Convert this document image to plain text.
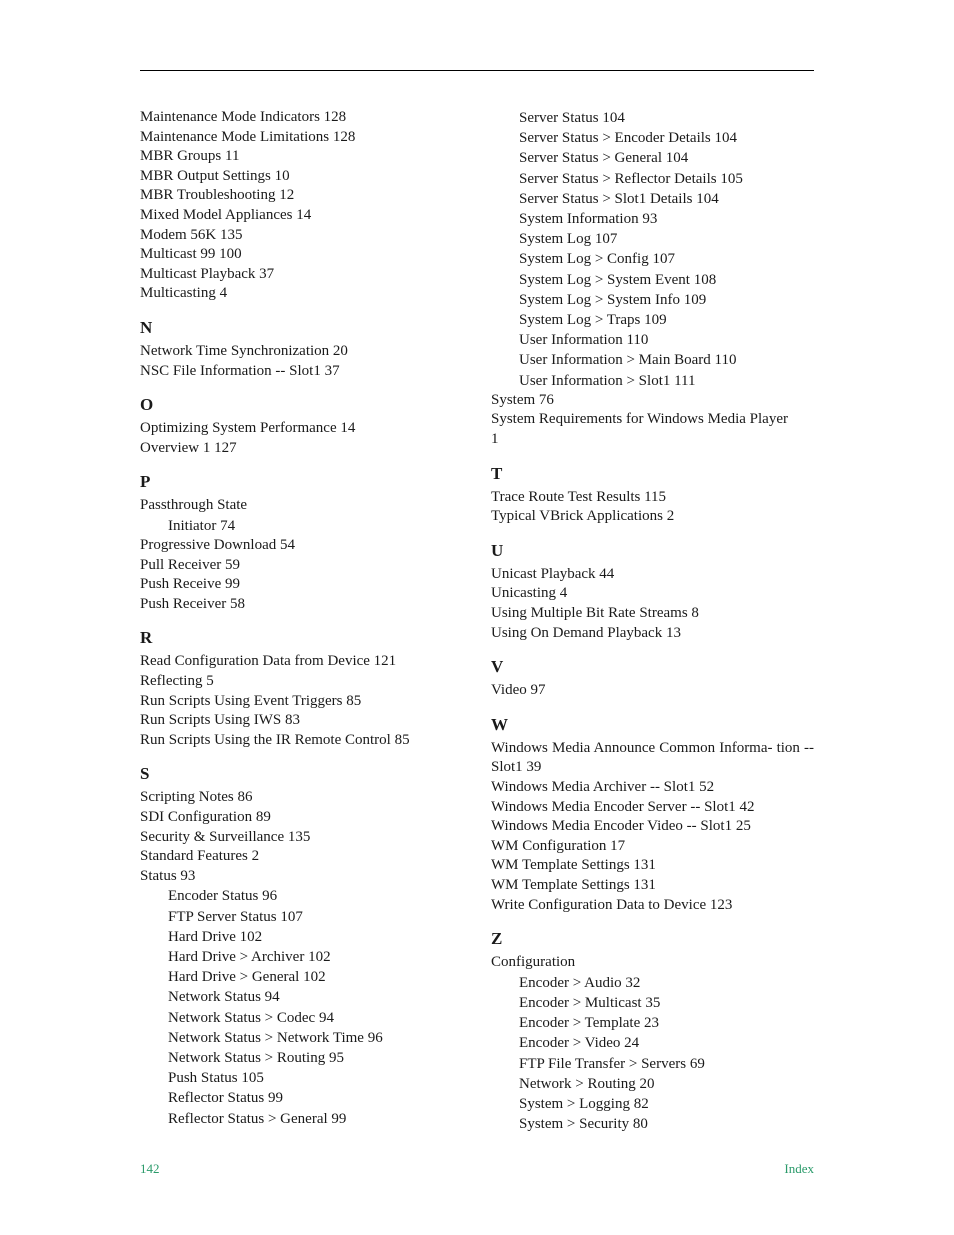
Maintenance Mode Indicators 128
Maintenance Mode Limitations 128
MBR Groups 11
MBR Output Settings 10
MBR Troubleshooting 12
Mixed Model Appliances 14
Modem 56K 135
Multicast 99 100
Multicast Playback 37
Multicasting 4
N
Network Time Synchronization 20
NSC File Information -- Slot1 37
O
Optimizing System Performance 14
Overview 1 127
P
Passthrough State
Initiator 74
Progressive Download 54
Pull Receiver 59
Push Receive 99
Push Receiver 58
R
Read Configuration Data from Device 121
Reflecting 5
Run Scripts Using Event Triggers 85
Run Scripts Using IWS 83
Run Scripts Using the IR Remote Control 85
S
Scripting Notes 86
SDI Configuration 89
Security & Surveillance 135
Standard Features 2
Status 93
Encoder Status 96
FTP Server Status 107
Hard Drive 102
Hard Drive > Archiver 102
Hard Drive > General 102
Network Status 94
Network Status > Codec 94
Network Status > Network Time 96
Network Status > Routing 95
Push Status 105
Reflector Status 99
Reflector Status > General 99
Server Status 104
Server Status > Encoder Details 104
Server Status > General 104
Server Status > Reflector Details 105
Server Status > Slot1 Details 104
System Information 93
System Log 107
System Log > Config 107
System Log > System Event 108
System Log > System Info 109
System Log > Traps 109
User Information 110
User Information > Main Board 110
User Information > Slot1 111
System 76
System Requirements for Windows Media Player
1
T
Trace Route Test Results 115
Typical VBrick Applications 2
U
Unicast Playback 44
Unicasting 4
Using Multiple Bit Rate Streams 8
Using On Demand Playback 13
V
Video 97
W
Windows Media Announce Common Informa- tion -- Slot1 39
Windows Media Archiver -- Slot1 52
Windows Media Encoder Server -- Slot1 42
Windows Media Encoder Video -- Slot1 25
WM Configuration 17
WM Template Settings 131
WM Template Settings 131
Write Configuration Data to Device 123
Z
Configuration
Encoder > Audio 32
Encoder > Multicast 35
Encoder > Template 23
Encoder > Video 24
FTP File Transfer > Servers 69
Network > Routing 20
System > Logging 82
System > Security 80
142	Index
